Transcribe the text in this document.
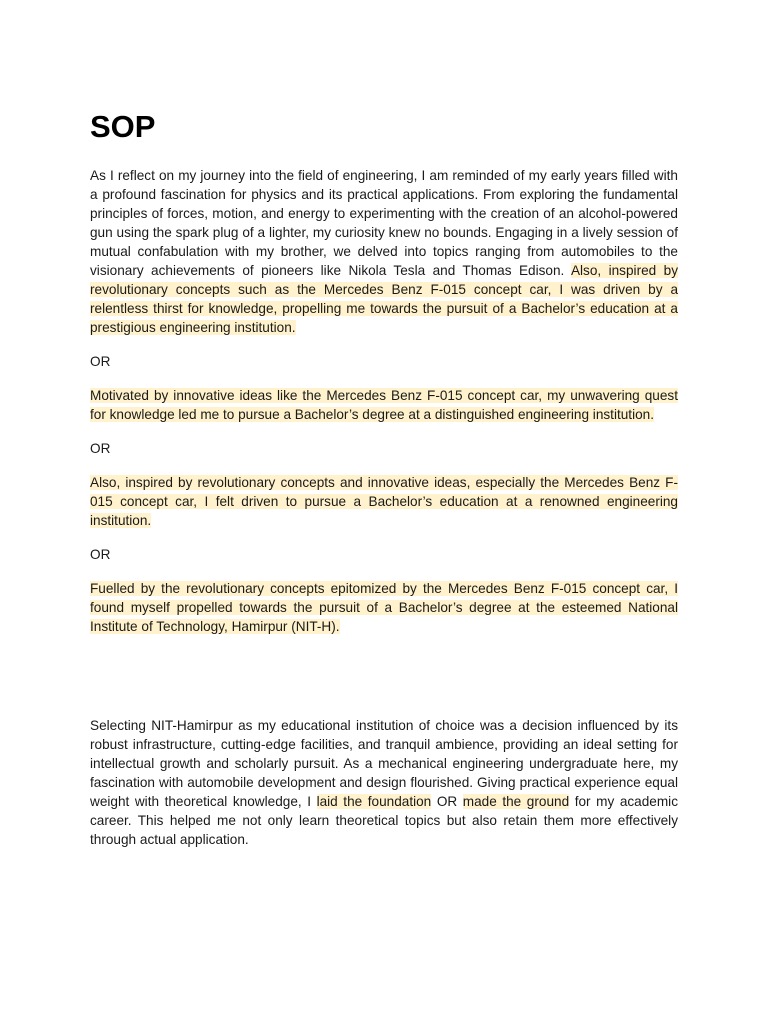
SOP

As I reflect on my journey into the field of engineering, I am reminded of my early years filled with a profound fascination for physics and its practical applications. From exploring the fundamental principles of forces, motion, and energy to experimenting with the creation of an alcohol-powered gun using the spark plug of a lighter, my curiosity knew no bounds. Engaging in a lively session of mutual confabulation with my brother, we delved into topics ranging from automobiles to the visionary achievements of pioneers like Nikola Tesla and Thomas Edison. Also, inspired by revolutionary concepts such as the Mercedes Benz F-015 concept car, I was driven by a relentless thirst for knowledge, propelling me towards the pursuit of a Bachelor’s education at a prestigious engineering institution.

OR

Motivated by innovative ideas like the Mercedes Benz F-015 concept car, my unwavering quest for knowledge led me to pursue a Bachelor’s degree at a distinguished engineering institution.

OR

Also, inspired by revolutionary concepts and innovative ideas, especially the Mercedes Benz F-015 concept car, I felt driven to pursue a Bachelor’s education at a renowned engineering institution.

OR

Fuelled by the revolutionary concepts epitomized by the Mercedes Benz F-015 concept car, I found myself propelled towards the pursuit of a Bachelor’s degree at the esteemed National Institute of Technology, Hamirpur (NIT-H).

Selecting NIT-Hamirpur as my educational institution of choice was a decision influenced by its robust infrastructure, cutting-edge facilities, and tranquil ambience, providing an ideal setting for intellectual growth and scholarly pursuit. As a mechanical engineering undergraduate here, my fascination with automobile development and design flourished. Giving practical experience equal weight with theoretical knowledge, I laid the foundation OR made the ground for my academic career. This helped me not only learn theoretical topics but also retain them more effectively through actual application.
